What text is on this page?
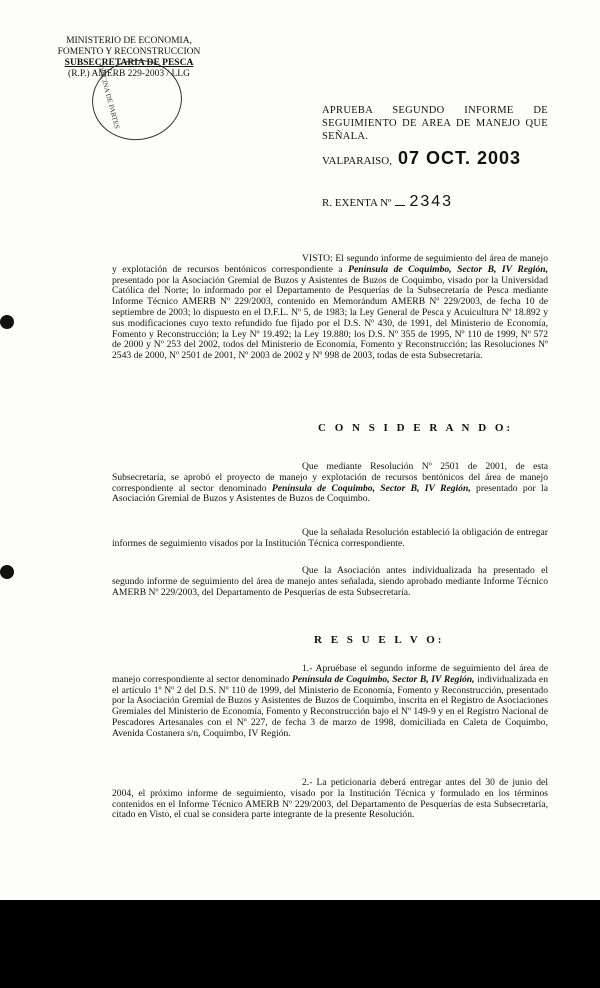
MINISTERIO DE ECONOMIA,
FOMENTO Y RECONSTRUCCION
SUBSECRETARIA DE PESCA
(R.P.) AMERB 229-2003 / LLG
OFICINA DE PARTES	APRUEBA SEGUNDO INFORME DE SEGUIMIENTO DE AREA DE MANEJO QUE SEÑALA.
VALPARAISO, 07 OCT. 2003
R. EXENTA Nº 2343
VISTO: El segundo informe de seguimiento del área de manejo y explotación de recursos bentónicos correspondiente a Península de Coquimbo, Sector B, IV Región, presentado por la Asociación Gremial de Buzos y Asistentes de Buzos de Coquimbo, visado por la Universidad Católica del Norte; lo informado por el Departamento de Pesquerías de la Subsecretaría de Pesca mediante Informe Técnico AMERB Nº 229/2003, contenido en Memorándum AMERB Nº 229/2003, de fecha 10 de septiembre de 2003; lo dispuesto en el D.F.L. Nº 5, de 1983; la Ley General de Pesca y Acuicultura Nº 18.892 y sus modificaciones cuyo texto refundido fue fijado por el D.S. Nº 430, de 1991, del Ministerio de Economía, Fomento y Reconstrucción; la Ley Nº 19.492; la Ley 19.880; los D.S. Nº 355 de 1995, Nº 110 de 1999, Nº 572 de 2000 y Nº 253 del 2002, todos del Ministerio de Economía, Fomento y Reconstrucción; las Resoluciones Nº 2543 de 2000, Nº 2501 de 2001, Nº 2003 de 2002 y Nº 998 de 2003, todas de esta Subsecretaría.
C O N S I D E R A N D O:
Que mediante Resolución Nº 2501 de 2001, de esta Subsecretaría, se aprobó el proyecto de manejo y explotación de recursos bentónicos del área de manejo correspondiente al sector denominado Península de Coquimbo, Sector B, IV Región, presentado por la Asociación Gremial de Buzos y Asistentes de Buzos de Coquimbo.
Que la señalada Resolución estableció la obligación de entregar informes de seguimiento visados por la Institución Técnica correspondiente.
Que la Asociación antes individualizada ha presentado el segundo informe de seguimiento del área de manejo antes señalada, siendo aprobado mediante Informe Técnico AMERB Nº 229/2003, del Departamento de Pesquerías de esta Subsecretaría.
R E S U E L V O:
1.- Apruébase el segundo informe de seguimiento del área de manejo correspondiente al sector denominado Península de Coquimbo, Sector B, IV Región, individualizada en el artículo 1º Nº 2 del D.S. Nº 110 de 1999, del Ministerio de Economía, Fomento y Reconstrucción, presentado por la Asociación Gremial de Buzos y Asistentes de Buzos de Coquimbo, inscrita en el Registro de Asociaciones Gremiales del Ministerio de Economía, Fomento y Reconstrucción bajo el Nº 149-9 y en el Registro Nacional de Pescadores Artesanales con el Nº 227, de fecha 3 de marzo de 1998, domiciliada en Caleta de Coquimbo, Avenida Costanera s/n, Coquimbo, IV Región.
2.- La peticionaria deberá entregar antes del 30 de junio del 2004, el próximo informe de seguimiento, visado por la Institución Técnica y formulado en los términos contenidos en el Informe Técnico AMERB Nº 229/2003, del Departamento de Pesquerías de esta Subsecretaría, citado en Visto, el cual se considera parte integrante de la presente Resolución.
